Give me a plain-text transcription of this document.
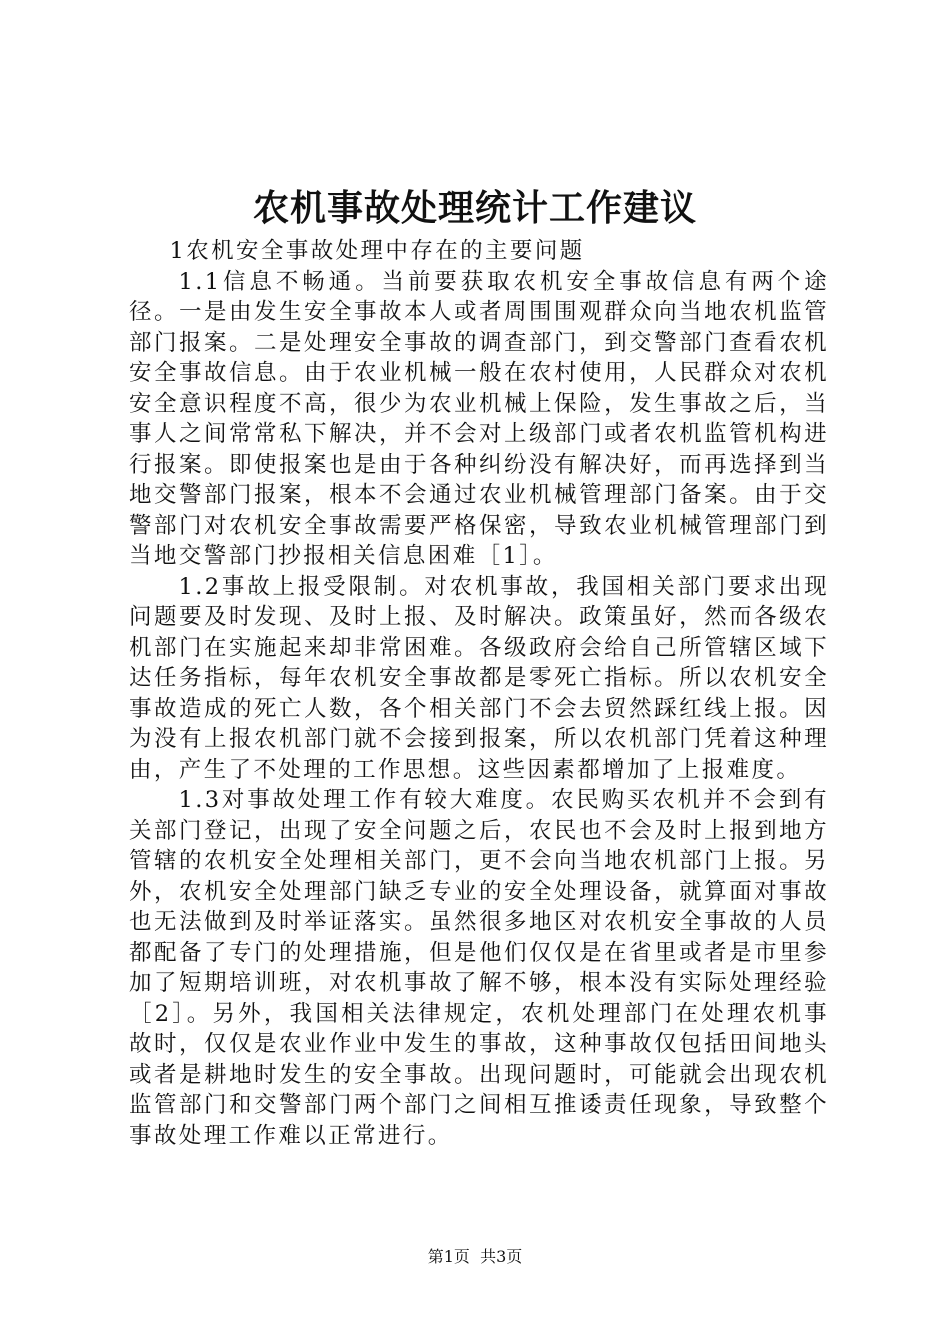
农机事故处理统计工作建议

1农机安全事故处理中存在的主要问题

1.1信息不畅通。当前要获取农机安全事故信息有两个途径。一是由发生安全事故本人或者周围围观群众向当地农机监管部门报案。二是处理安全事故的调查部门，到交警部门查看农机安全事故信息。由于农业机械一般在农村使用，人民群众对农机安全意识程度不高，很少为农业机械上保险，发生事故之后，当事人之间常常私下解决，并不会对上级部门或者农机监管机构进行报案。即使报案也是由于各种纠纷没有解决好，而再选择到当地交警部门报案，根本不会通过农业机械管理部门备案。由于交警部门对农机安全事故需要严格保密，导致农业机械管理部门到当地交警部门抄报相关信息困难［1］。

1.2事故上报受限制。对农机事故，我国相关部门要求出现问题要及时发现、及时上报、及时解决。政策虽好，然而各级农机部门在实施起来却非常困难。各级政府会给自己所管辖区域下达任务指标，每年农机安全事故都是零死亡指标。所以农机安全事故造成的死亡人数，各个相关部门不会去贸然踩红线上报。因为没有上报农机部门就不会接到报案，所以农机部门凭着这种理由，产生了不处理的工作思想。这些因素都增加了上报难度。

1.3对事故处理工作有较大难度。农民购买农机并不会到有关部门登记，出现了安全问题之后，农民也不会及时上报到地方管辖的农机安全处理相关部门，更不会向当地农机部门上报。另外，农机安全处理部门缺乏专业的安全处理设备，就算面对事故也无法做到及时举证落实。虽然很多地区对农机安全事故的人员都配备了专门的处理措施，但是他们仅仅是在省里或者是市里参加了短期培训班，对农机事故了解不够，根本没有实际处理经验［2］。另外，我国相关法律规定，农机处理部门在处理农机事故时，仅仅是农业作业中发生的事故，这种事故仅包括田间地头或者是耕地时发生的安全事故。出现问题时，可能就会出现农机监管部门和交警部门两个部门之间相互推诿责任现象，导致整个事故处理工作难以正常进行。

第1页  共3页
